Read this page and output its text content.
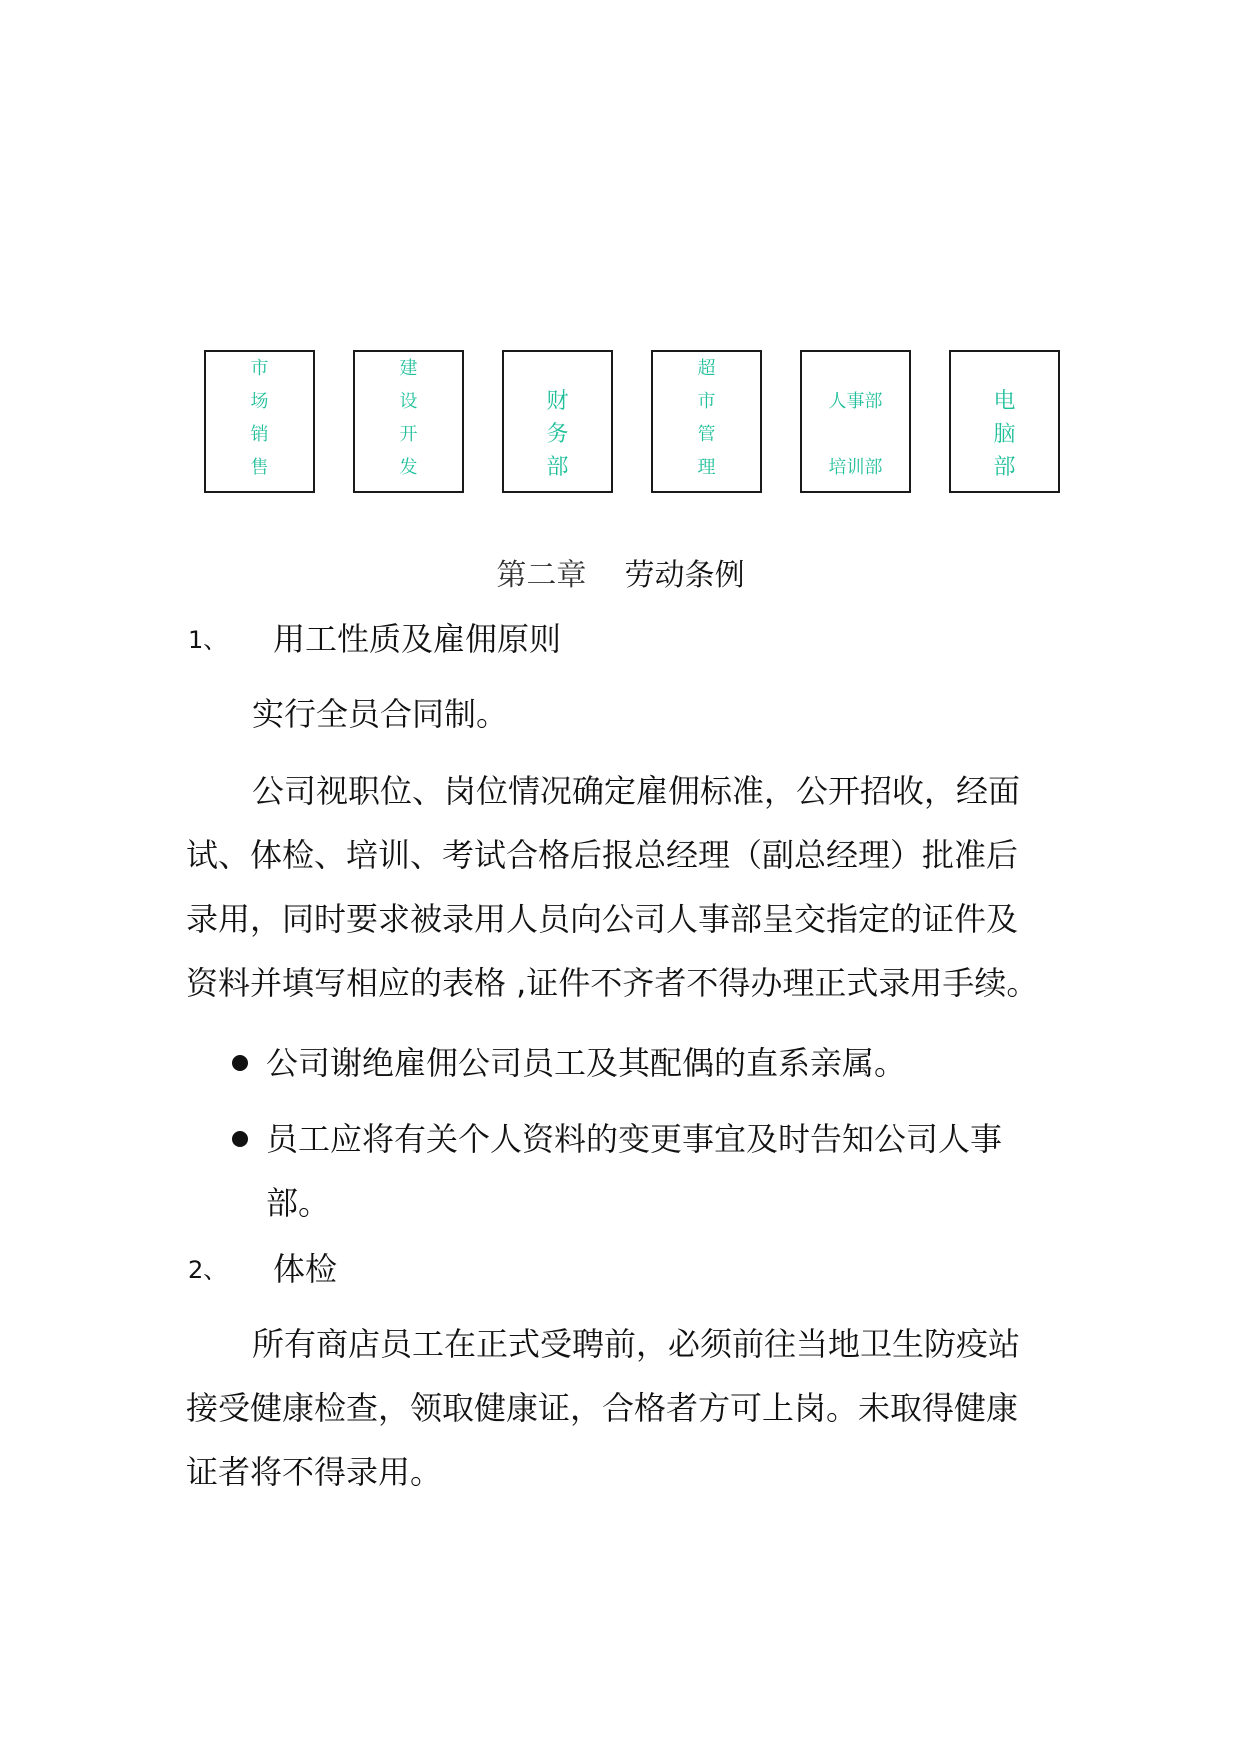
市
场
销
售
建
设
开
发
财
务
部
超
市
管
理
人事部
培训部
电
脑
部
第二章 劳动条例
1、 用工性质及雇佣原则
实行全员合同制。
公司视职位、岗位情况确定雇佣标准，公开招收，经面
试、体检、培训、考试合格后报总经理（副总经理）批准后
录用，同时要求被录用人员向公司人事部呈交指定的证件及
资料并填写相应的表格 ,证件不齐者不得办理正式录用手续。
公司谢绝雇佣公司员工及其配偶的直系亲属。
员工应将有关个人资料的变更事宜及时告知公司人事
部。
2、 体检
所有商店员工在正式受聘前，必须前往当地卫生防疫站
接受健康检查，领取健康证，合格者方可上岗。未取得健康
证者将不得录用。
